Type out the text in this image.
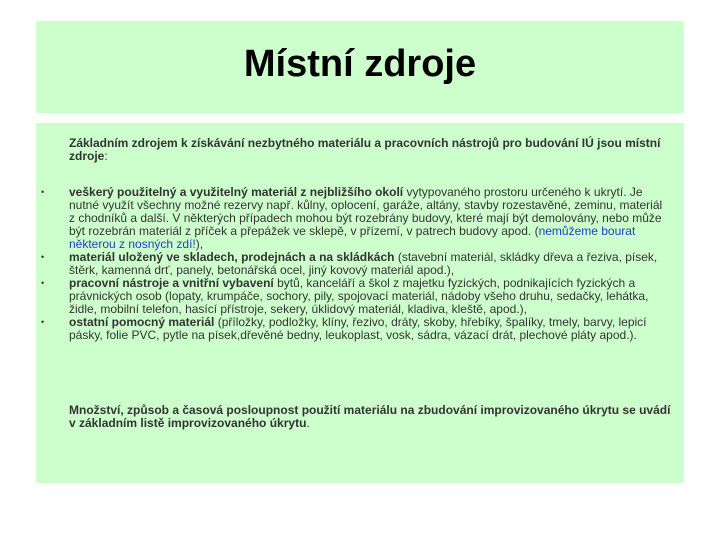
Místní zdroje

Základním zdrojem k získávání nezbytného materiálu a pracovních nástrojů pro budování IÚ jsou místní zdroje:

• veškerý použitelný a využitelný materiál z nejbližšího okolí vytypovaného prostoru určeného k ukrytí. Je nutné využít všechny možné rezervy např. kůlny, oplocení, garáže, altány, stavby rozestavěné, zeminu, materiál z chodníků a další. V některých případech mohou být rozebrány budovy, které mají být demolovány, nebo může být rozebrán materiál z příček a přepážek ve sklepě, v přízemí, v patrech budovy apod. (nemůžeme bourat některou z nosných zdí!),
• materiál uložený ve skladech, prodejnách a na skládkách (stavební materiál, skládky dřeva a řeziva, písek, štěrk, kamenná drť, panely, betonářská ocel, jiný kovový materiál apod.),
• pracovní nástroje a vnitřní vybavení bytů, kanceláří a škol z majetku fyzických, podnikajících fyzických a právnických osob (lopaty, krumpáče, sochory, pily, spojovací materiál, nádoby všeho druhu, sedačky, lehátka, židle, mobilní telefon, hasící přístroje, sekery, úklidový materiál, kladiva, kleště, apod.),
• ostatní pomocný materiál (příložky, podložky, klíny, řezivo, dráty, skoby, hřebíky, špalíky, tmely, barvy, lepicí pásky, folie PVC, pytle na písek,dřevěné bedny, leukoplast, vosk, sádra, vázací drát, plechové pláty apod.).

Množství, způsob a časová posloupnost použití materiálu na zbudování improvizovaného úkrytu se uvádí v základním listě improvizovaného úkrytu.
